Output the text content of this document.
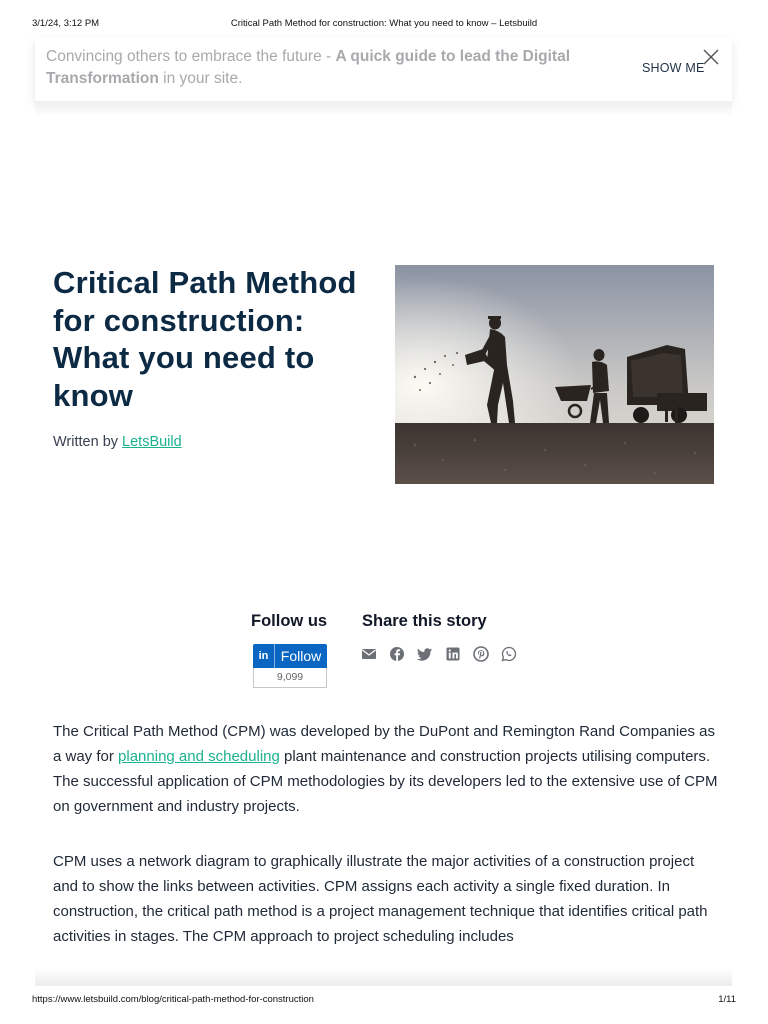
3/1/24, 3:12 PM	Critical Path Method for construction: What you need to know – Letsbuild
Convincing others to embrace the future - A quick guide to lead the Digital Transformation in your site.
SHOW ME
Critical Path Method for construction: What you need to know
Written by LetsBuild
Follow us Share this story
in Follow
9,099

The Critical Path Method (CPM) was developed by the DuPont and Remington Rand Companies as a way for planning and scheduling plant maintenance and construction projects utilising computers. The successful application of CPM methodologies by its developers led to the extensive use of CPM on government and industry projects.

CPM uses a network diagram to graphically illustrate the major activities of a construction project and to show the links between activities. CPM assigns each activity a single fixed duration. In construction, the critical path method is a project management technique that identifies critical path activities in stages. The CPM approach to project scheduling includes

https://www.letsbuild.com/blog/critical-path-method-for-construction	1/11
